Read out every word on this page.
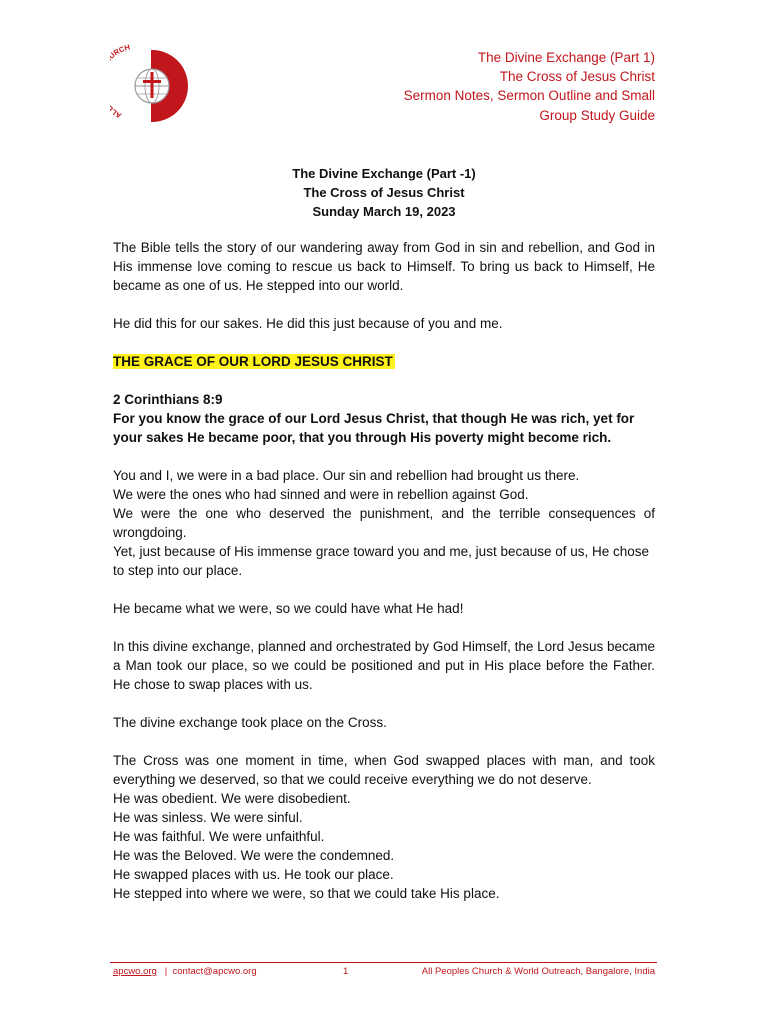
AL RCH
The Divine Exchange (Part 1)
The Cross of Jesus Christ
Sermon Notes, Sermon Outline and Small
Group Study Guide
The Divine Exchange (Part -1)
The Cross of Jesus Christ
Sunday March 19, 2023

The Bible tells the story of our wandering away from God in sin and rebellion, and God in His immense love coming to rescue us back to Himself. To bring us back to Himself, He became as one of us. He stepped into our world.

He did this for our sakes. He did this just because of you and me.

THE GRACE OF OUR LORD JESUS CHRIST

2 Corinthians 8:9

For you know the grace of our Lord Jesus Christ, that though He was rich, yet for your sakes He became poor, that you through His poverty might become rich.

You and I, we were in a bad place. Our sin and rebellion had brought us there.

We were the ones who had sinned and were in rebellion against God.

We were the one who deserved the punishment, and the terrible consequences of wrongdoing.

Yet, just because of His immense grace toward you and me, just because of us, He chose to step into our place.

He became what we were, so we could have what He had!

In this divine exchange, planned and orchestrated by God Himself, the Lord Jesus became a Man took our place, so we could be positioned and put in His place before the Father. He chose to swap places with us.

The divine exchange took place on the Cross.

The Cross was one moment in time, when God swapped places with man, and took everything we deserved, so that we could receive everything we do not deserve.

He was obedient. We were disobedient.

He was sinless. We were sinful.

He was faithful. We were unfaithful.

He was the Beloved. We were the condemned.

He swapped places with us. He took our place.

He stepped into where we were, so that we could take His place.

apcwo.org | contact@apcwo.org	1	All Peoples Church & World Outreach, Bangalore, India
